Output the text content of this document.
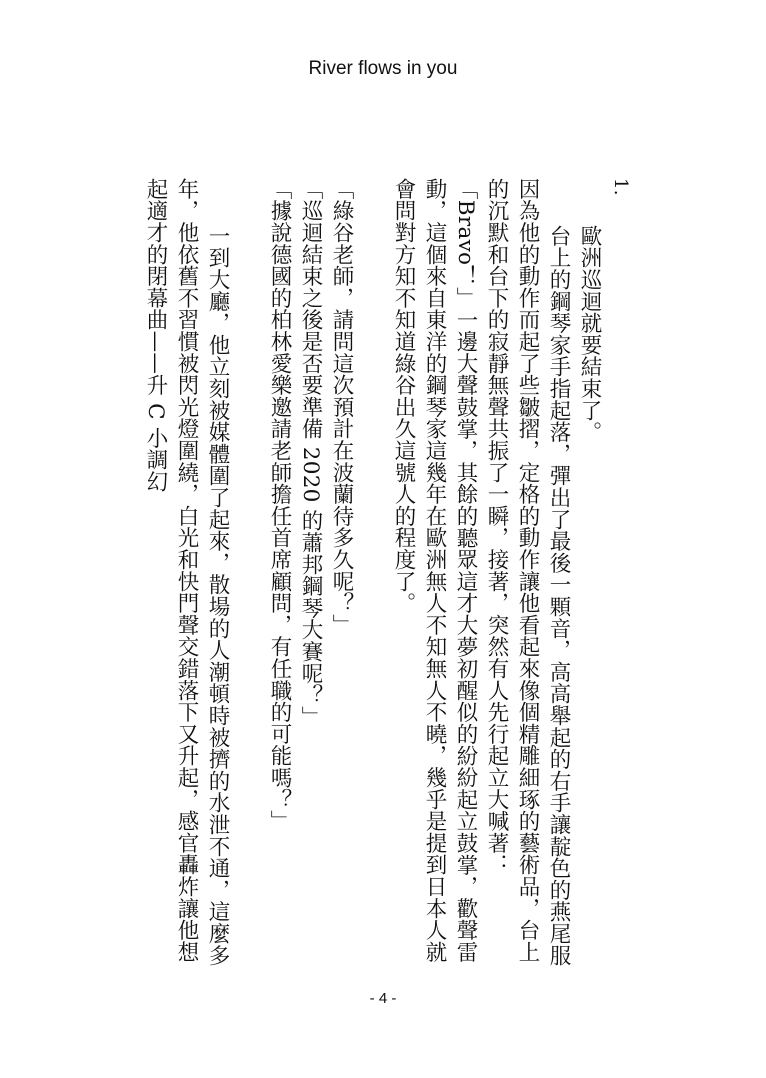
River flows in you

1.

歐洲巡迴就要結束了。

台上的鋼琴家手指起落，彈出了最後一顆音，高高舉起的右手讓靛色的燕尾服因為他的動作而起了些皺摺，定格的動作讓他看起來像個精雕細琢的藝術品，台上的沉默和台下的寂靜無聲共振了一瞬，接著，突然有人先行起立大喊著：「Bravo！」一邊大聲鼓掌，其餘的聽眾這才大夢初醒似的紛紛起立鼓掌，歡聲雷動，這個來自東洋的鋼琴家這幾年在歐洲無人不知無人不曉，幾乎是提到日本人就會問對方知不知道綠谷出久這號人的程度了。

「綠谷老師，請問這次預計在波蘭待多久呢？」

「巡迴結束之後是否要準備 2020 的蕭邦鋼琴大賽呢？」

「據說德國的柏林愛樂邀請老師擔任首席顧問，有任職的可能嗎？」

一到大廳，他立刻被媒體圍了起來，散場的人潮頓時被擠的水泄不通，這麼多年，他依舊不習慣被閃光燈圍繞，白光和快門聲交錯落下又升起，感官轟炸讓他想起適才的閉幕曲——升 C 小調幻

- 4 -
